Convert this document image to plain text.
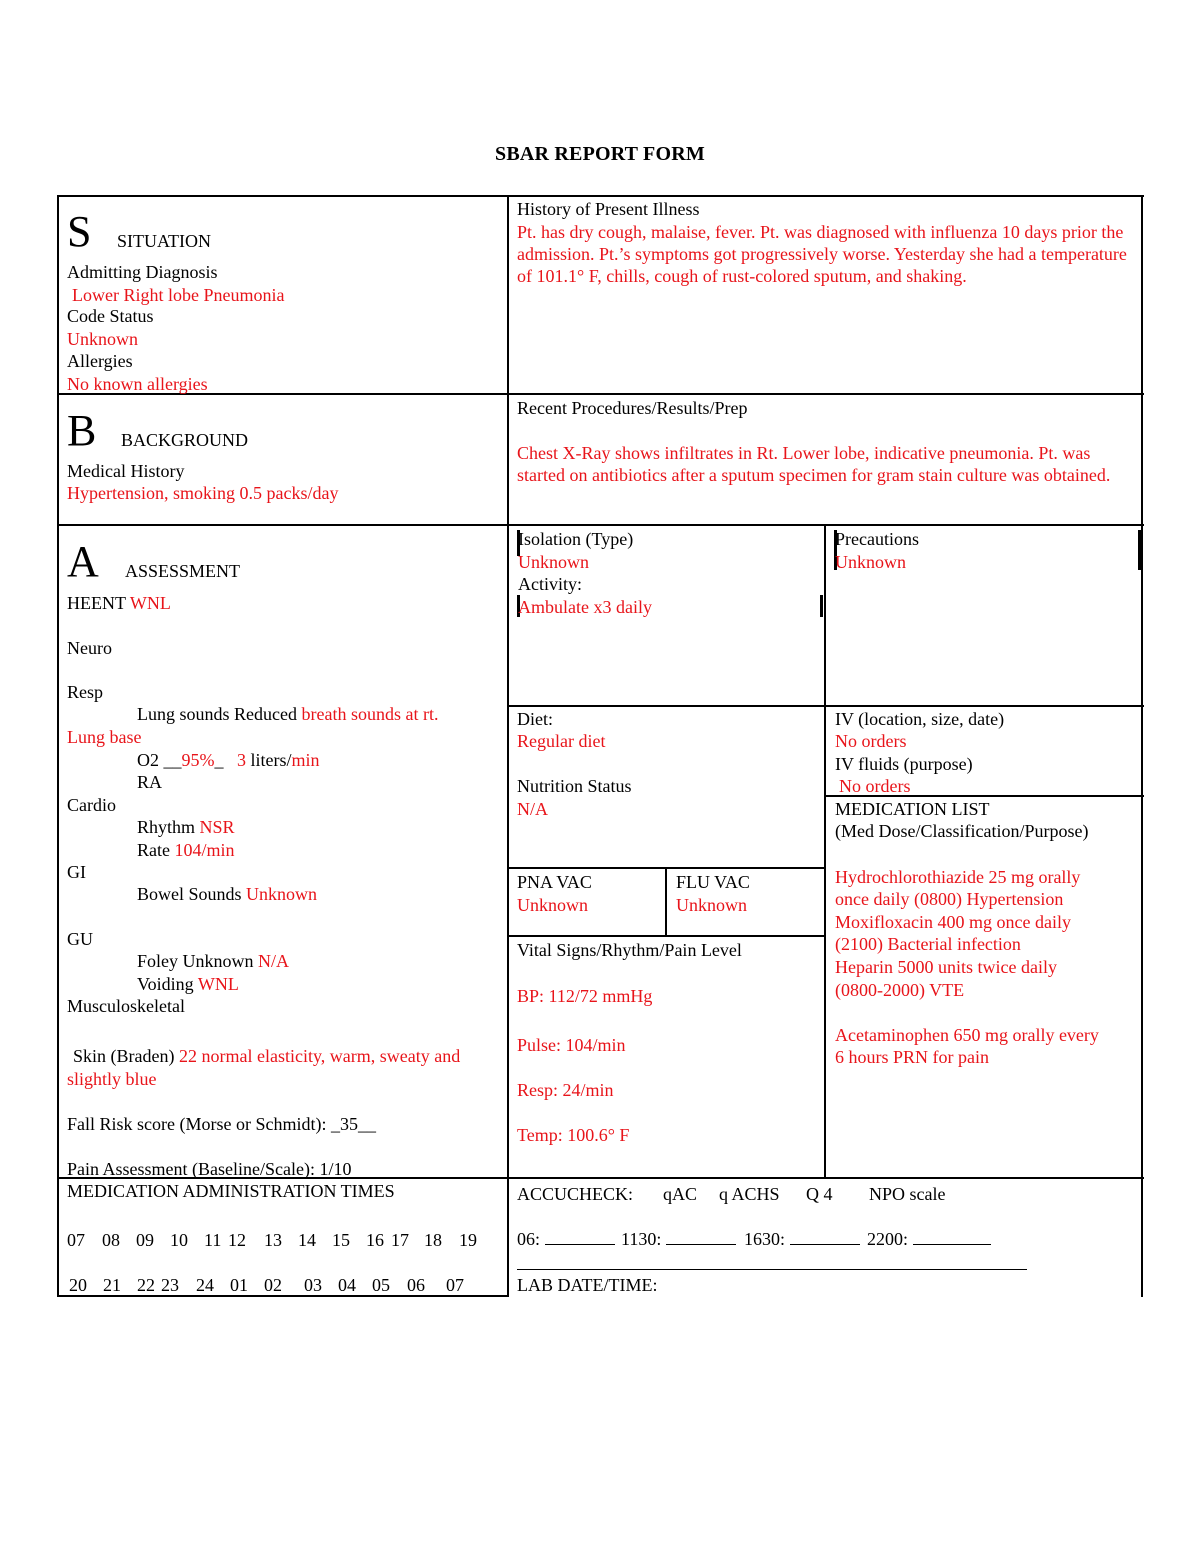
SBAR REPORT FORM
S SITUATION
Admitting Diagnosis
Lower Right lobe Pneumonia
Code Status
Unknown
Allergies
No known allergies
History of Present Illness
Pt. has dry cough, malaise, fever. Pt. was diagnosed with influenza 10 days prior the admission. Pt.’s symptoms got progressively worse. Yesterday she had a temperature of 101.1° F, chills, cough of rust-colored sputum, and shaking.
B BACKGROUND
Medical History
Hypertension, smoking 0.5 packs/day
Recent Procedures/Results/Prep
Chest X-Ray shows infiltrates in Rt. Lower lobe, indicative pneumonia. Pt. was started on antibiotics after a sputum specimen for gram stain culture was obtained.
A ASSESSMENT
HEENT WNL
Neuro
Resp
Lung sounds Reduced breath sounds at rt.
Lung base
O2 __95%_   3 liters/min
RA
Cardio
Rhythm NSR
Rate 104/min
GI
Bowel Sounds Unknown
GU
Foley Unknown N/A
Voiding WNL
Musculoskeletal
Skin (Braden) 22 normal elasticity, warm, sweaty and
slightly blue
Fall Risk score (Morse or Schmidt): _35__
Pain Assessment (Baseline/Scale): 1/10
Isolation (Type)
Unknown
Activity:
Ambulate x3 daily
Precautions
Unknown
Diet:
Regular diet
Nutrition Status
N/A
IV (location, size, date)
No orders
IV fluids (purpose)
No orders
MEDICATION LIST
(Med Dose/Classification/Purpose)
Hydrochlorothiazide 25 mg orally
once daily (0800) Hypertension
Moxifloxacin 400 mg once daily
(2100) Bacterial infection
Heparin 5000 units twice daily
(0800-2000) VTE
Acetaminophen 650 mg orally every
6 hours PRN for pain
PNA VAC
Unknown
FLU VAC
Unknown
Vital Signs/Rhythm/Pain Level
BP: 112/72 mmHg
Pulse: 104/min
Resp: 24/min
Temp: 100.6° F
MEDICATION ADMINISTRATION TIMES
07 08 09 10 11 12 13 14 15 16 17 18 19
20 21 22 23 24 01 02 03 04 05 06 07
ACCUCHECK: qAC q ACHS Q 4 NPO scale
06:	1130:	1630:	2200:
LAB DATE/TIME:
